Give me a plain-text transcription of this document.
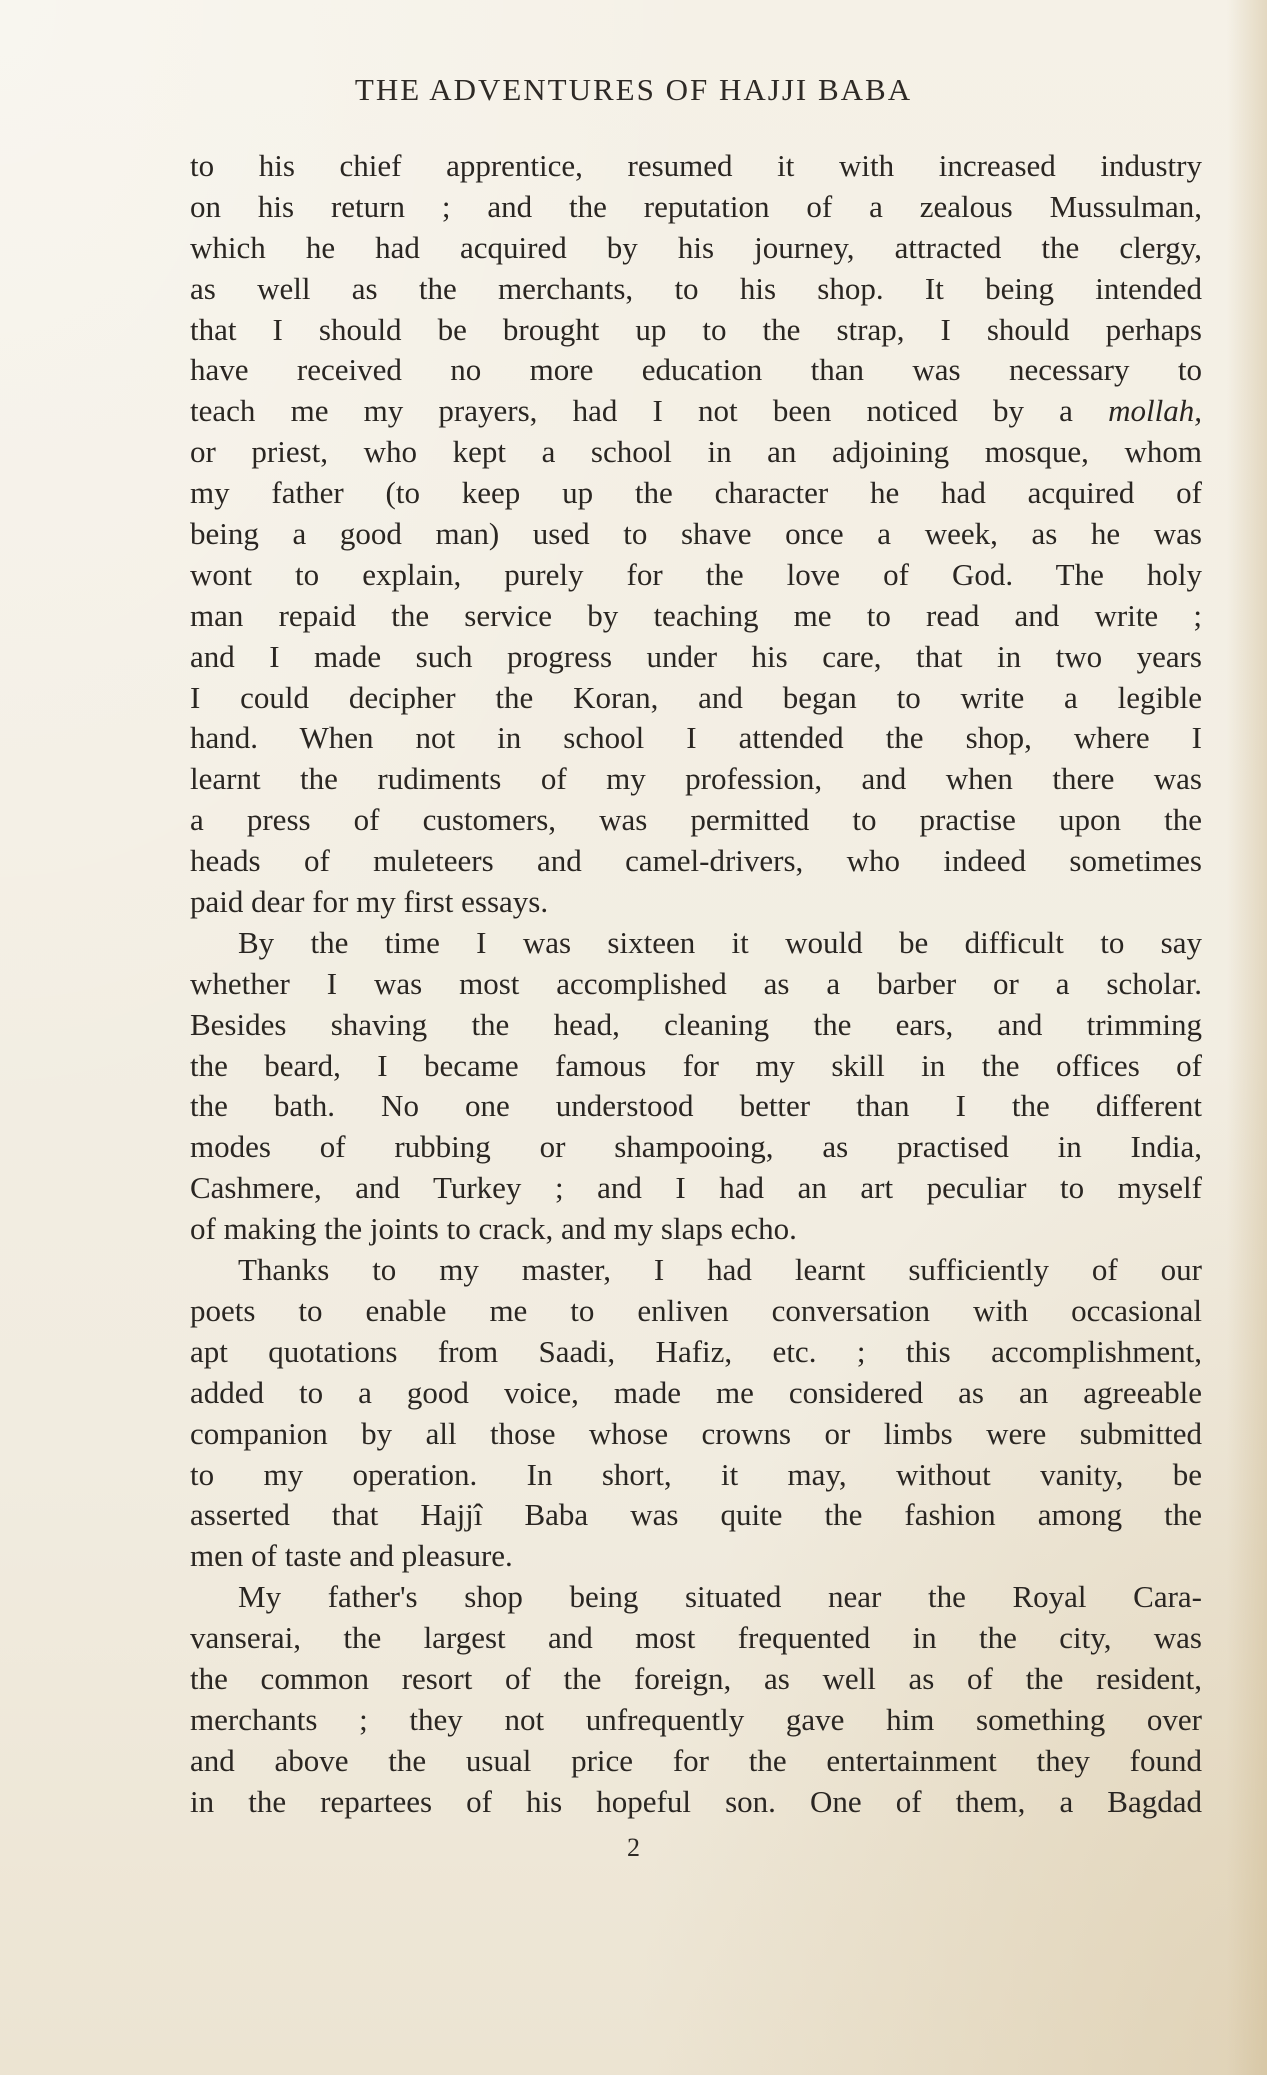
THE ADVENTURES OF HAJJI BABA
to his chief apprentice, resumed it with increased industry
on his return ; and the reputation of a zealous Mussulman,
which he had acquired by his journey, attracted the clergy,
as well as the merchants, to his shop. It being intended
that I should be brought up to the strap, I should perhaps
have received no more education than was necessary to
teach me my prayers, had I not been noticed by a mollah,
or priest, who kept a school in an adjoining mosque, whom
my father (to keep up the character he had acquired of
being a good man) used to shave once a week, as he was
wont to explain, purely for the love of God. The holy
man repaid the service by teaching me to read and write ;
and I made such progress under his care, that in two years
I could decipher the Koran, and began to write a legible
hand. When not in school I attended the shop, where I
learnt the rudiments of my profession, and when there was
a press of customers, was permitted to practise upon the
heads of muleteers and camel-drivers, who indeed sometimes
paid dear for my first essays.
By the time I was sixteen it would be difficult to say
whether I was most accomplished as a barber or a scholar.
Besides shaving the head, cleaning the ears, and trimming
the beard, I became famous for my skill in the offices of
the bath. No one understood better than I the different
modes of rubbing or shampooing, as practised in India,
Cashmere, and Turkey ; and I had an art peculiar to myself
of making the joints to crack, and my slaps echo.
Thanks to my master, I had learnt sufficiently of our
poets to enable me to enliven conversation with occasional
apt quotations from Saadi, Hafiz, etc. ; this accomplishment,
added to a good voice, made me considered as an agreeable
companion by all those whose crowns or limbs were submitted
to my operation. In short, it may, without vanity, be
asserted that Hajjî Baba was quite the fashion among the
men of taste and pleasure.
My father's shop being situated near the Royal Cara-
vanserai, the largest and most frequented in the city, was
the common resort of the foreign, as well as of the resident,
merchants ; they not unfrequently gave him something over
and above the usual price for the entertainment they found
in the repartees of his hopeful son. One of them, a Bagdad
2
